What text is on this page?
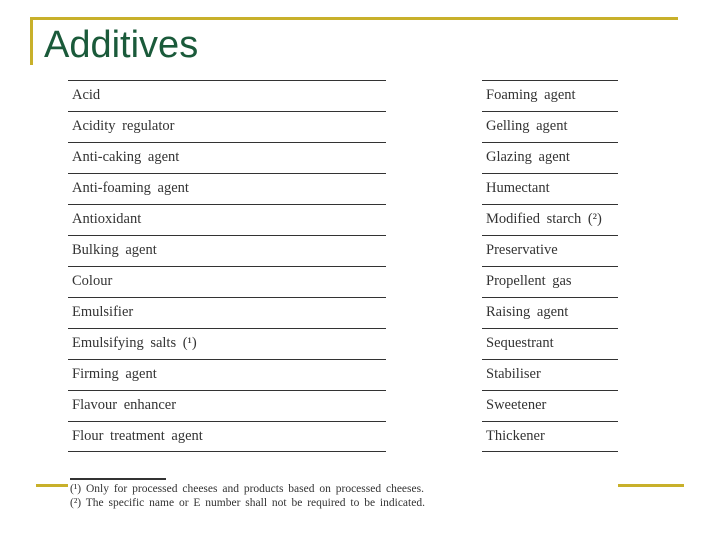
Additives
Acid
Acidity regulator
Anti-caking agent
Anti-foaming agent
Antioxidant
Bulking agent
Colour
Emulsifier
Emulsifying salts (¹)
Firming agent
Flavour enhancer
Flour treatment agent
Foaming agent
Gelling agent
Glazing agent
Humectant
Modified starch (²)
Preservative
Propellent gas
Raising agent
Sequestrant
Stabiliser
Sweetener
Thickener
(¹) Only for processed cheeses and products based on processed cheeses.
(²) The specific name or E number shall not be required to be indicated.
